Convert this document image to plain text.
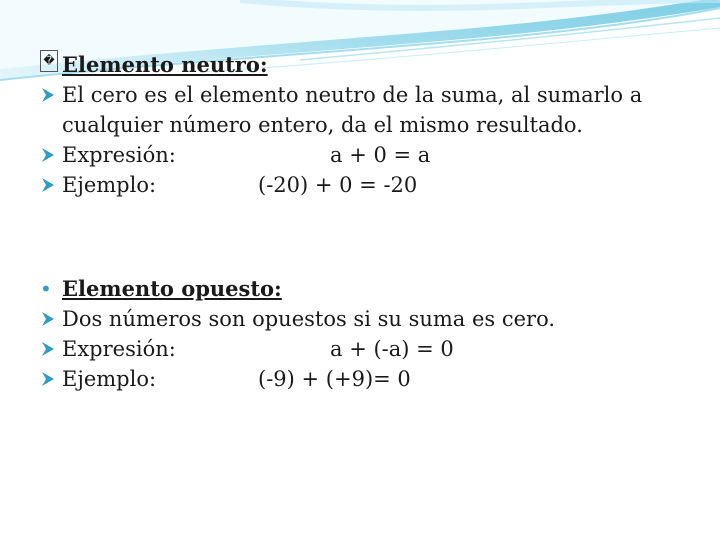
� Elemento neutro:
El cero es el elemento neutro de la suma, al sumarlo a cualquier número entero, da el mismo resultado.
Expresión:	a + 0 = a
Ejemplo:	(-20) + 0 = -20
• Elemento opuesto:
Dos números son opuestos si su suma es cero.
Expresión:	a + (-a) = 0
Ejemplo:	(-9) + (+9)= 0
